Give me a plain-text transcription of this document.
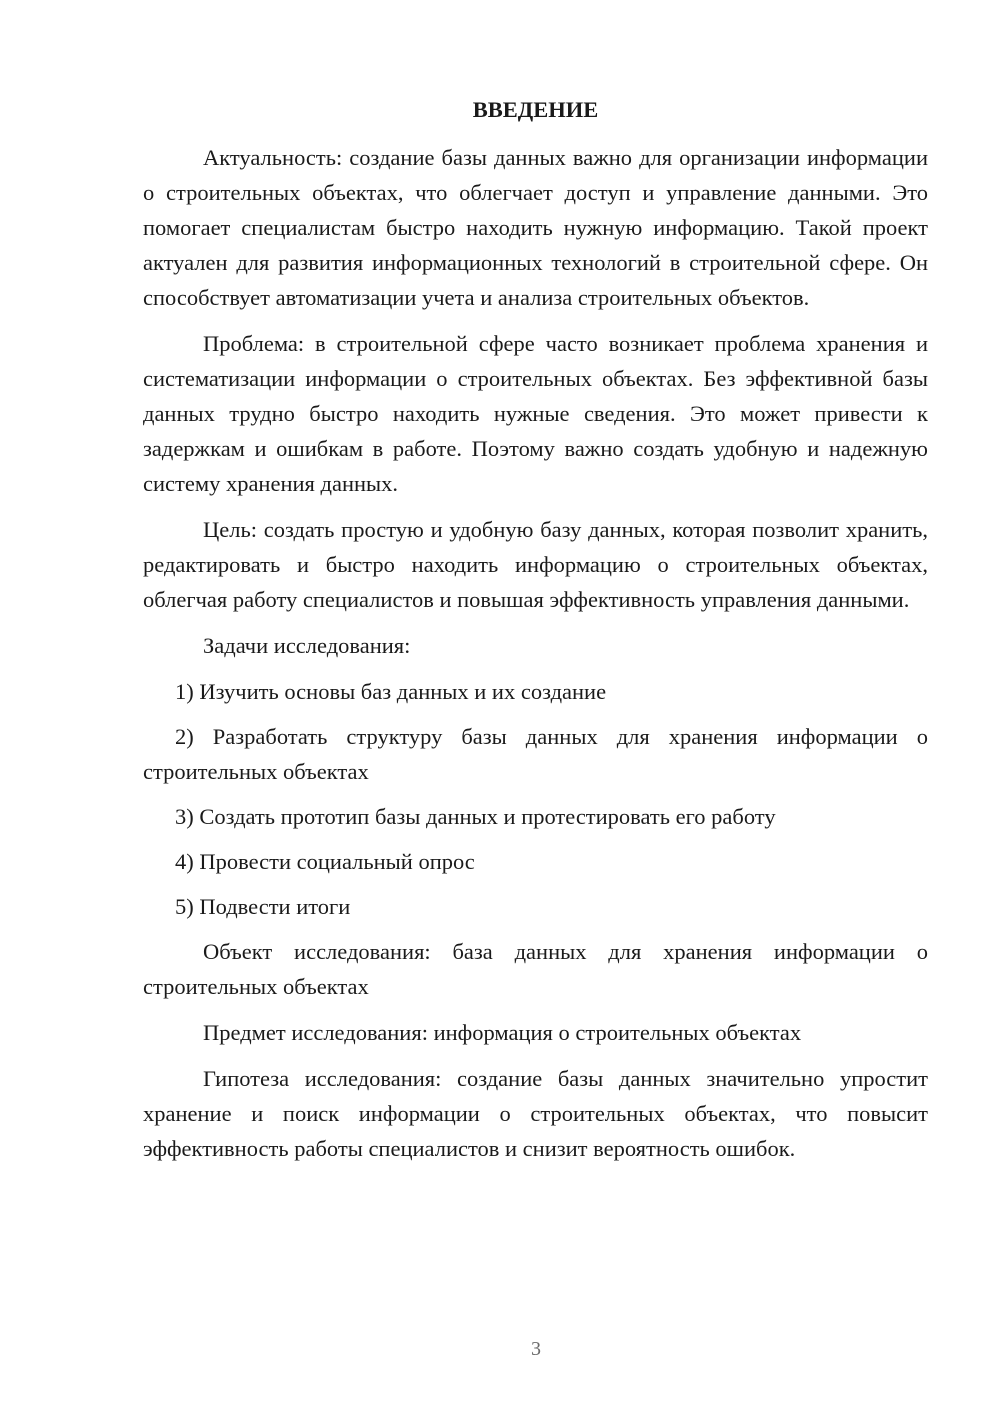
ВВЕДЕНИЕ

Актуальность: создание базы данных важно для организации информации о строительных объектах, что облегчает доступ и управление данными. Это помогает специалистам быстро находить нужную информацию. Такой проект актуален для развития информационных технологий в строительной сфере. Он способствует автоматизации учета и анализа строительных объектов.

Проблема: в строительной сфере часто возникает проблема хранения и систематизации информации о строительных объектах. Без эффективной базы данных трудно быстро находить нужные сведения. Это может привести к задержкам и ошибкам в работе. Поэтому важно создать удобную и надежную систему хранения данных.

Цель: создать простую и удобную базу данных, которая позволит хранить, редактировать и быстро находить информацию о строительных объектах, облегчая работу специалистов и повышая эффективность управления данными.

Задачи исследования:

1) Изучить основы баз данных и их создание

2) Разработать структуру базы данных для хранения информации о строительных объектах

3) Создать прототип базы данных и протестировать его работу

4) Провести социальный опрос

5) Подвести итоги

Объект исследования: база данных для хранения информации о строительных объектах

Предмет исследования: информация о строительных объектах

Гипотеза исследования: создание базы данных значительно упростит хранение и поиск информации о строительных объектах, что повысит эффективность работы специалистов и снизит вероятность ошибок.

3
